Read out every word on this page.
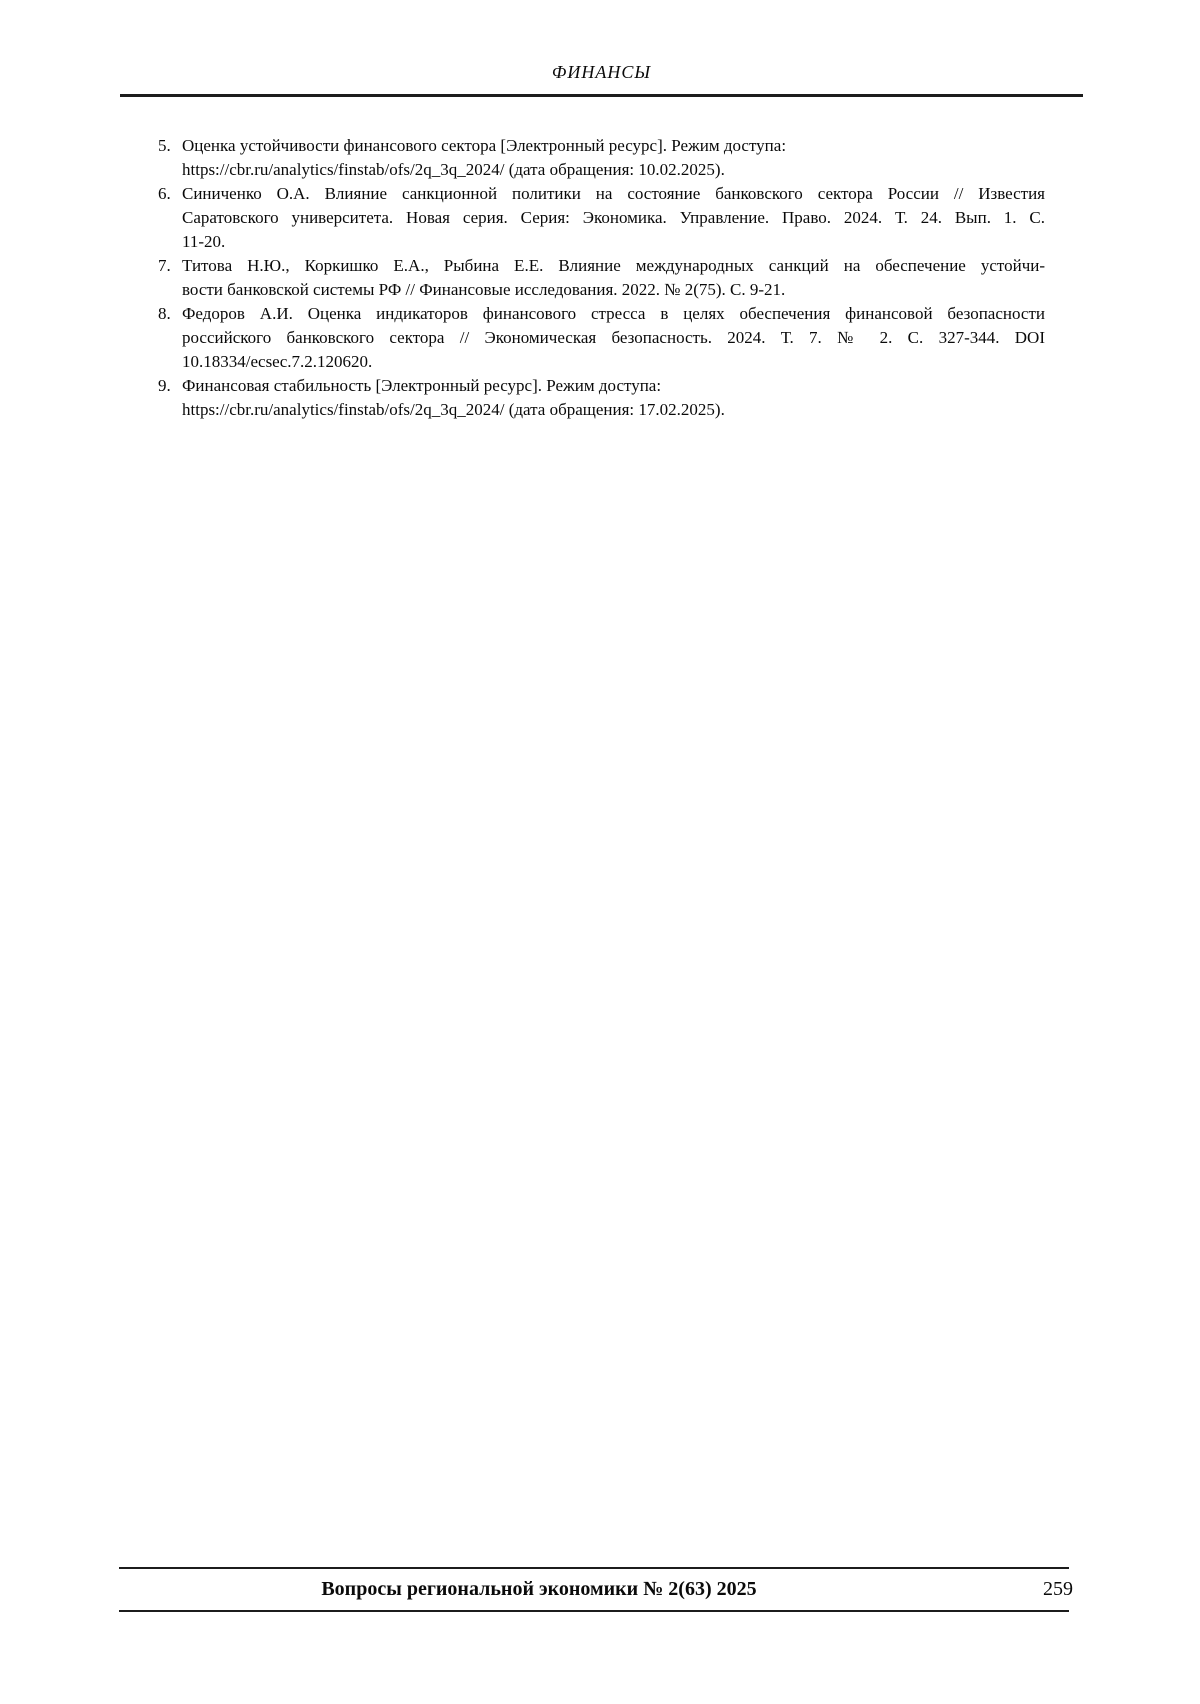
ФИНАНСЫ
5. Оценка устойчивости финансового сектора [Электронный ресурс]. Режим доступа:
https://cbr.ru/analytics/finstab/ofs/2q_3q_2024/ (дата обращения: 10.02.2025).
6. Синиченко О.А. Влияние санкционной политики на состояние банковского сектора России // Известия
Саратовского университета. Новая серия. Серия: Экономика. Управление. Право. 2024. Т. 24. Вып. 1. С.
11-20.
7. Титова Н.Ю., Коркишко Е.А., Рыбина Е.Е. Влияние международных санкций на обеспечение устойчи-
вости банковской системы РФ // Финансовые исследования. 2022. № 2(75). С. 9-21.
8. Федоров А.И. Оценка индикаторов финансового стресса в целях обеспечения финансовой безопасности
российского банковского сектора // Экономическая безопасность. 2024. Т. 7. № 2. С. 327-344. DOI
10.18334/ecsec.7.2.120620.
9. Финансовая стабильность [Электронный ресурс]. Режим доступа:
https://cbr.ru/analytics/finstab/ofs/2q_3q_2024/ (дата обращения: 17.02.2025).
Вопросы региональной экономики № 2(63) 2025	259
